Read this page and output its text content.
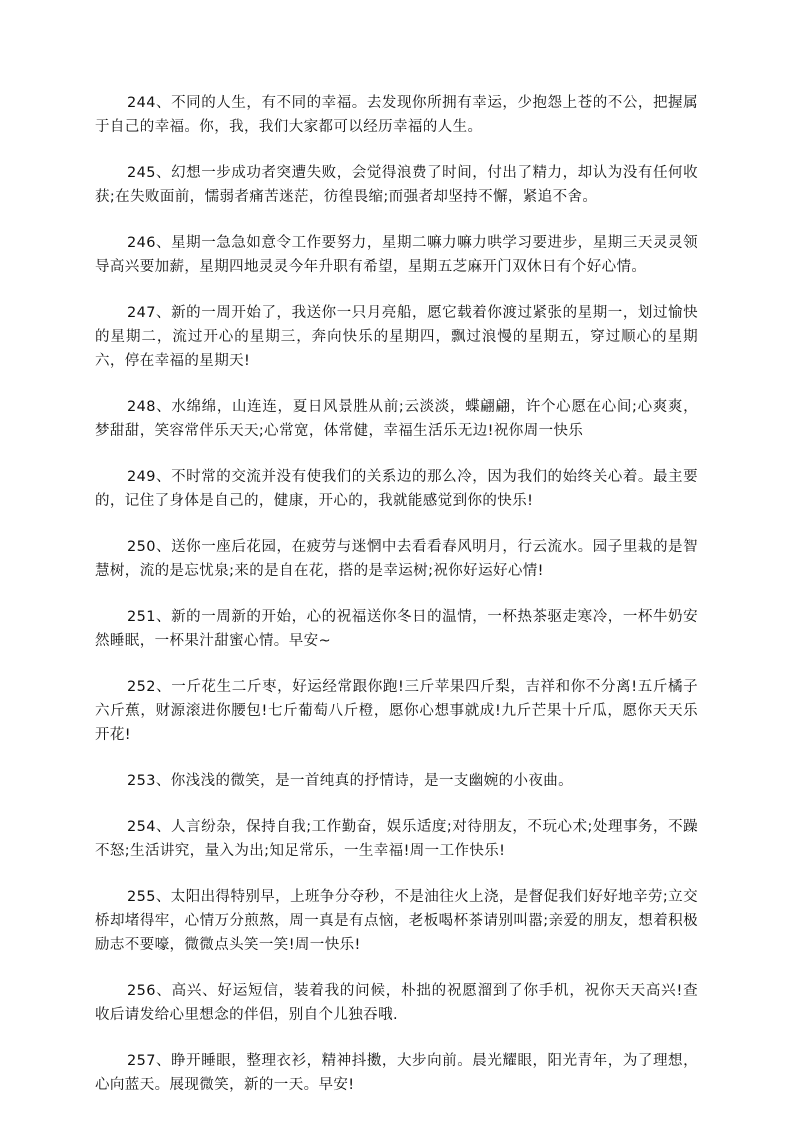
244、不同的人生，有不同的幸福。去发现你所拥有幸运，少抱怨上苍的不公，把握属于自己的幸福。你，我，我们大家都可以经历幸福的人生。

245、幻想一步成功者突遭失败，会觉得浪费了时间，付出了精力，却认为没有任何收获;在失败面前，懦弱者痛苦迷茫，彷徨畏缩;而强者却坚持不懈，紧追不舍。

246、星期一急急如意令工作要努力，星期二嘛力嘛力哄学习要进步，星期三天灵灵领导高兴要加薪，星期四地灵灵今年升职有希望，星期五芝麻开门双休日有个好心情。

247、新的一周开始了，我送你一只月亮船，愿它载着你渡过紧张的星期一，划过愉快的星期二，流过开心的星期三，奔向快乐的星期四，飘过浪慢的星期五，穿过顺心的星期六，停在幸福的星期天!

248、水绵绵，山连连，夏日风景胜从前;云淡淡，蝶翩翩，许个心愿在心间;心爽爽，梦甜甜，笑容常伴乐天天;心常宽，体常健，幸福生活乐无边!祝你周一快乐

249、不时常的交流并没有使我们的关系边的那么冷，因为我们的始终关心着。最主要的，记住了身体是自己的，健康，开心的，我就能感觉到你的快乐!

250、送你一座后花园，在疲劳与迷惘中去看看春风明月，行云流水。园子里栽的是智慧树，流的是忘忧泉;来的是自在花，搭的是幸运树;祝你好运好心情!

251、新的一周新的开始，心的祝福送你冬日的温情，一杯热茶驱走寒冷，一杯牛奶安然睡眠，一杯果汁甜蜜心情。早安~

252、一斤花生二斤枣，好运经常跟你跑!三斤苹果四斤梨，吉祥和你不分离!五斤橘子六斤蕉，财源滚进你腰包!七斤葡萄八斤橙，愿你心想事就成!九斤芒果十斤瓜，愿你天天乐开花!

253、你浅浅的微笑，是一首纯真的抒情诗，是一支幽婉的小夜曲。

254、人言纷杂，保持自我;工作勤奋，娱乐适度;对待朋友，不玩心术;处理事务，不躁不怒;生活讲究，量入为出;知足常乐，一生幸福!周一工作快乐!

255、太阳出得特别早，上班争分夺秒，不是油往火上浇，是督促我们好好地辛劳;立交桥却堵得牢，心情万分煎熬，周一真是有点恼，老板喝杯茶请别叫嚣;亲爱的朋友，想着积极励志不要嚎，微微点头笑一笑!周一快乐!

256、高兴、好运短信，装着我的问候，朴拙的祝愿溜到了你手机，祝你天天高兴!查收后请发给心里想念的伴侣，别自个儿独吞哦.

257、睁开睡眼，整理衣衫，精神抖擞，大步向前。晨光耀眼，阳光青年，为了理想，心向蓝天。展现微笑，新的一天。早安!
